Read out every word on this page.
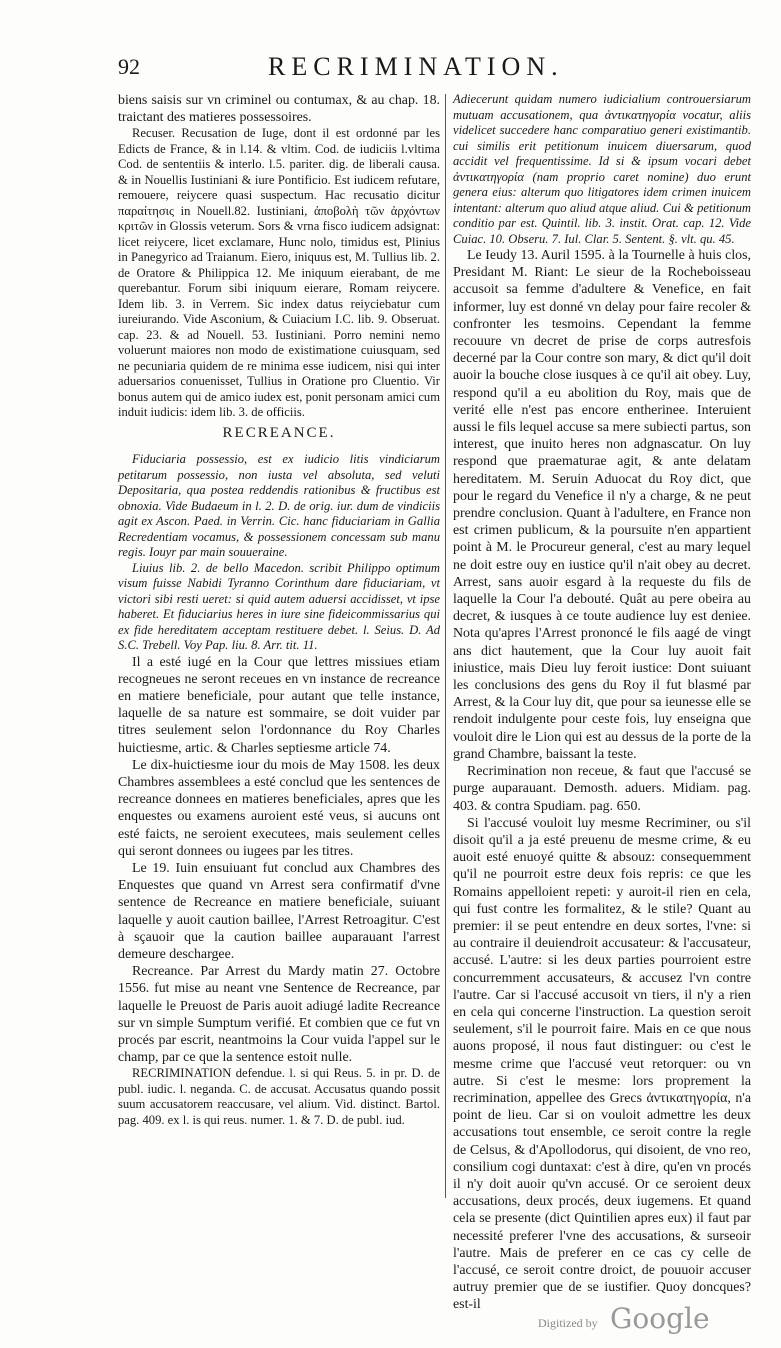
92	RECRIMINATION.

biens saisis sur vn criminel ou contumax, & au chap. 18. traictant des matieres possessoires.

Recuser. Recusation de Iuge, dont il est ordonné par les Edicts de France, & in l.14. & vltim. Cod. de iudiciis l.vltima Cod. de sententiis & interlo. l.5. pariter. dig. de liberali causa. & in Nouellis Iustiniani & iure Pontificio. Est iudicem refutare, remouere, reiycere quasi suspectum. Hac recusatio dicitur παραίτησις in Nouell.82. Iustiniani, ἀποβολὴ τῶν ἀρχόντων κριτῶν in Glossis veterum. Sors & vrna fisco iudicem adsignat: licet reiycere, licet exclamare, Hunc nolo, timidus est, Plinius in Panegyrico ad Traianum. Eiero, iniquus est, M. Tullius lib. 2. de Oratore & Philippica 12. Me iniquum eierabant, de me querebantur. Forum sibi iniquum eierare, Romam reiycere. Idem lib. 3. in Verrem. Sic index datus reiyciebatur cum iureiurando. Vide Asconium, & Cuiacium I.C. lib. 9. Obseruat. cap. 23. & ad Nouell. 53. Iustiniani. Porro nemini nemo voluerunt maiores non modo de existimatione cuiusquam, sed ne pecuniaria quidem de re minima esse iudicem, nisi qui inter aduersarios conuenisset, Tullius in Oratione pro Cluentio. Vir bonus autem qui de amico iudex est, ponit personam amici cum induit iudicis: idem lib. 3. de officiis.

RECREANCE.

Fiduciaria possessio, est ex iudicio litis vindiciarum petitarum possessio, non iusta vel absoluta, sed veluti Depositaria, qua postea reddendis rationibus & fructibus est obnoxia. Vide Budaeum in l. 2. D. de orig. iur. dum de vindiciis agit ex Ascon. Paed. in Verrin. Cic. hanc fiduciariam in Gallia Recredentiam vocamus, & possessionem concessam sub manu regis. Iouyr par main souueraine.

Liuius lib. 2. de bello Macedon. scribit Philippo optimum visum fuisse Nabidi Tyranno Corinthum dare fiduciariam, vt victori sibi resti ueret: si quid autem aduersi accidisset, vt ipse haberet. Et fiduciarius heres in iure sine fideicommissarius qui ex fide hereditatem acceptam restituere debet. l. Seius. D. Ad S.C. Trebell. Voy Pap. liu. 8. Arr. tit. 11.

Il a esté iugé en la Cour que lettres missiues etiam recogneues ne seront receues en vn instance de recreance en matiere beneficiale, pour autant que telle instance, laquelle de sa nature est sommaire, se doit vuider par titres seulement selon l'ordonnance du Roy Charles huictiesme, artic. & Charles septiesme article 74.

Le dix-huictiesme iour du mois de May 1508. les deux Chambres assemblees a esté conclud que les sentences de recreance donnees en matieres beneficiales, apres que les enquestes ou examens auroient esté veus, si aucuns ont esté faicts, ne seroient executees, mais seulement celles qui seront donnees ou iugees par les titres.

Le 19. Iuin ensuiuant fut conclud aux Chambres des Enquestes que quand vn Arrest sera confirmatif d'vne sentence de Recreance en matiere beneficiale, suiuant laquelle y auoit caution baillee, l'Arrest Retroagitur. C'est à sçauoir que la caution baillee auparauant l'arrest demeure deschargee.

Recreance. Par Arrest du Mardy matin 27. Octobre 1556. fut mise au neant vne Sentence de Recreance, par laquelle le Preuost de Paris auoit adiugé ladite Recreance sur vn simple Sumptum verifié. Et combien que ce fut vn procés par escrit, neantmoins la Cour vuida l'appel sur le champ, par ce que la sentence estoit nulle.

RECRIMINATION defendue. l. si qui Reus. 5. in pr. D. de publ. iudic. l. neganda. C. de accusat. Accusatus quando possit suum accusatorem reaccusare, vel alium. Vid. distinct. Bartol. pag. 409. ex l. is qui reus. numer. 1. & 7. D. de publ. iud.

Adiecerunt quidam numero iudicialium controuersiarum mutuam accusationem, qua ἀντικατηγορία vocatur, aliis videlicet succedere hanc comparatiuo generi existimantib. cui similis erit petitionum inuicem diuersarum, quod accidit vel frequentissime. Id si & ipsum vocari debet ἀντικατηγορία (nam proprio caret nomine) duo erunt genera eius: alterum quo litigatores idem crimen inuicem intentant: alterum quo aliud atque aliud. Cui & petitionum conditio par est. Quintil. lib. 3. instit. Orat. cap. 12. Vide Cuiac. 10. Obseru. 7. Iul. Clar. 5. Sentent. §. vlt. qu. 45.

Le Ieudy 13. Auril 1595. à la Tournelle à huis clos, Presidant M. Riant: Le sieur de la Rocheboisseau accusoit sa femme d'adultere & Venefice, en fait informer, luy est donné vn delay pour faire recoler & confronter les tesmoins. Cependant la femme recouure vn decret de prise de corps autresfois decerné par la Cour contre son mary, & dict qu'il doit auoir la bouche close iusques à ce qu'il ait obey. Luy, respond qu'il a eu abolition du Roy, mais que de verité elle n'est pas encore entherinee. Interuient aussi le fils lequel accuse sa mere subiecti partus, son interest, que inuito heres non adgnascatur. On luy respond que praematurae agit, & ante delatam hereditatem. M. Seruin Aduocat du Roy dict, que pour le regard du Venefice il n'y a charge, & ne peut prendre conclusion. Quant à l'adultere, en France non est crimen publicum, & la poursuite n'en appartient point à M. le Procureur general, c'est au mary lequel ne doit estre ouy en iustice qu'il n'ait obey au decret. Arrest, sans auoir esgard à la requeste du fils de laquelle la Cour l'a debouté. Quât au pere obeira au decret, & iusques à ce toute audience luy est deniee. Nota qu'apres l'Arrest prononcé le fils aagé de vingt ans dict hautement, que la Cour luy auoit fait iniustice, mais Dieu luy feroit iustice: Dont suiuant les conclusions des gens du Roy il fut blasmé par Arrest, & la Cour luy dit, que pour sa ieunesse elle se rendoit indulgente pour ceste fois, luy enseigna que vouloit dire le Lion qui est au dessus de la porte de la grand Chambre, baissant la teste.

Recrimination non receue, & faut que l'accusé se purge auparauant. Demosth. aduers. Midiam. pag. 403. & contra Spudiam. pag. 650.

Si l'accusé vouloit luy mesme Recriminer, ou s'il disoit qu'il a ja esté preuenu de mesme crime, & eu auoit esté enuoyé quitte & absouz: consequemment qu'il ne pourroit estre deux fois repris: ce que les Romains appelloient repeti: y auroit-il rien en cela, qui fust contre les formalitez, & le stile? Quant au premier: il se peut entendre en deux sortes, l'vne: si au contraire il deuiendroit accusateur: & l'accusateur, accusé. L'autre: si les deux parties pourroient estre concurremment accusateurs, & accusez l'vn contre l'autre. Car si l'accusé accusoit vn tiers, il n'y a rien en cela qui concerne l'instruction. La question seroit seulement, s'il le pourroit faire. Mais en ce que nous auons proposé, il nous faut distinguer: ou c'est le mesme crime que l'accusé veut retorquer: ou vn autre. Si c'est le mesme: lors proprement la recrimination, appellee des Grecs ἀντικατηγορία, n'a point de lieu. Car si on vouloit admettre les deux accusations tout ensemble, ce seroit contre la regle de Celsus, & d'Apollodorus, qui disoient, de vno reo, consilium cogi duntaxat: c'est à dire, qu'en vn procés il n'y doit auoir qu'vn accusé. Or ce seroient deux accusations, deux procés, deux iugemens. Et quand cela se presente (dict Quintilien apres eux) il faut par necessité preferer l'vne des accusations, & surseoir l'autre. Mais de preferer en ce cas cy celle de l'accusé, ce seroit contre droict, de pouuoir accuser autruy premier que de se iustifier. Quoy doncques? est-il

Digitized by Google
